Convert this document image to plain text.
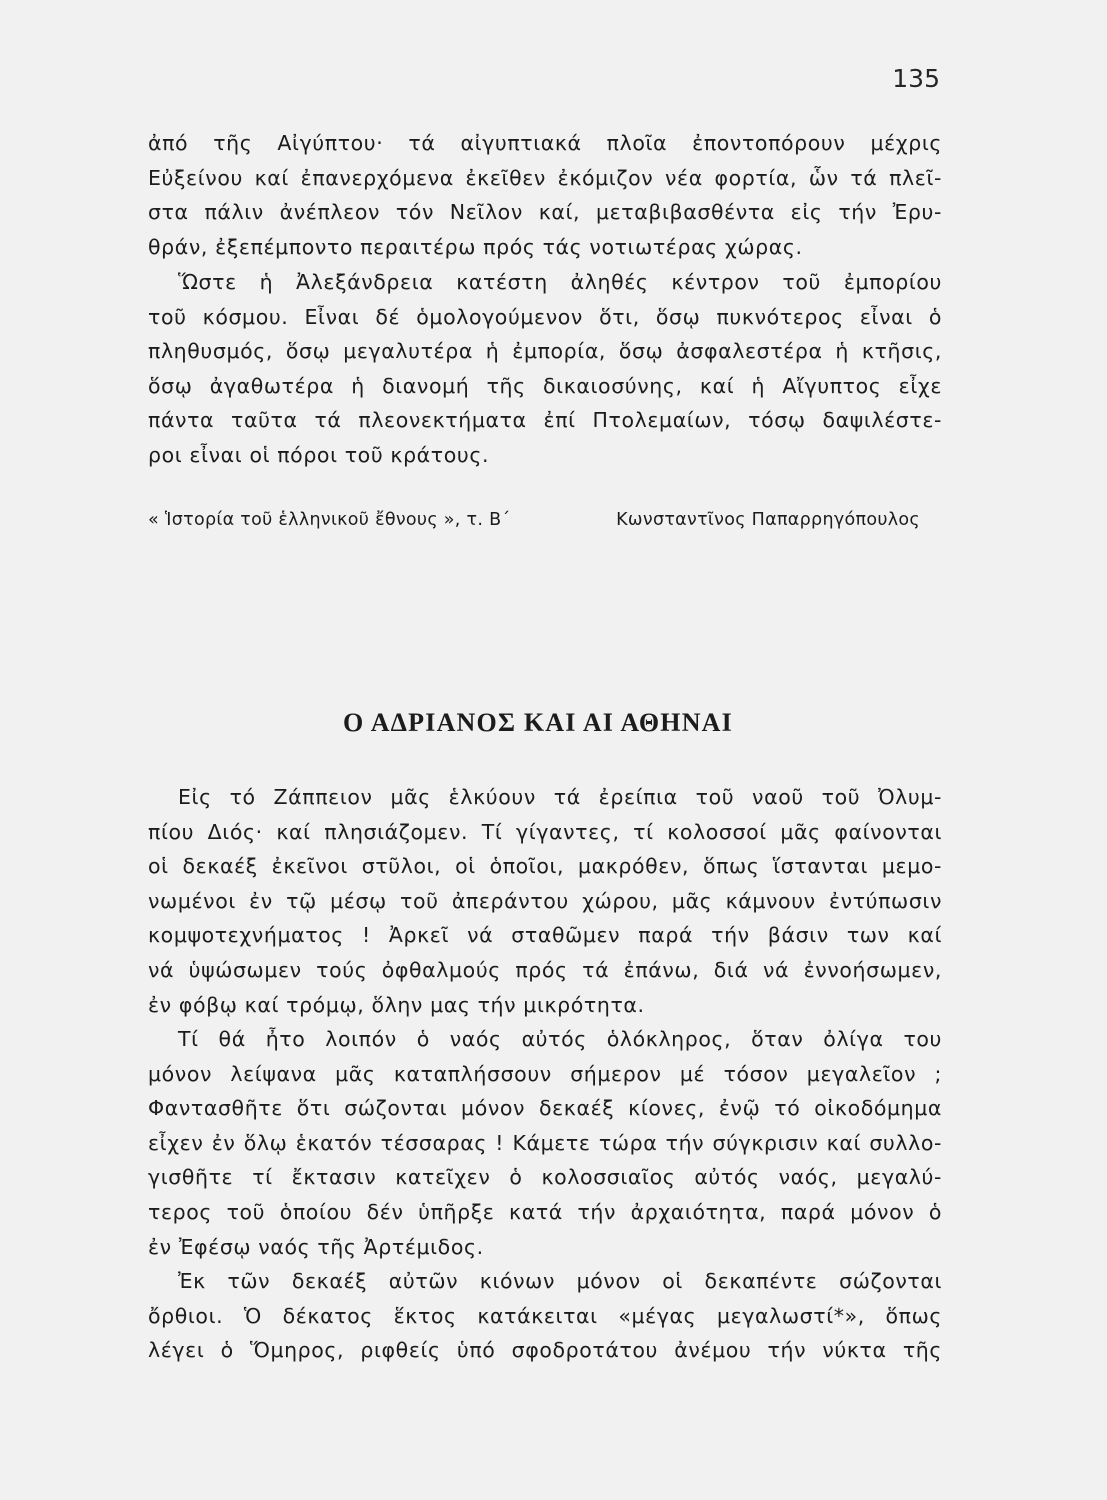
135
ἀπό τῆς Αἰγύπτου· τά αἰγυπτιακά πλοῖα ἐποντοπόρουν μέχρις
Εὐξείνου καί ἐπανερχόμενα ἐκεῖθεν ἐκόμιζον νέα φορτία, ὧν τά πλεῖ-
στα πάλιν ἀνέπλεον τόν Νεῖλον καί, μεταβιβασθέντα εἰς τήν Ἐρυ-
θράν, ἐξεπέμποντο περαιτέρω πρός τάς νοτιωτέρας χώρας.
Ὥστε ἡ Ἀλεξάνδρεια κατέστη ἀληθές κέντρον τοῦ ἐμπορίου
τοῦ κόσμου. Εἶναι δέ ὁμολογούμενον ὅτι, ὅσῳ πυκνότερος εἶναι ὁ
πληθυσμός, ὅσῳ μεγαλυτέρα ἡ ἐμπορία, ὅσῳ ἀσφαλεστέρα ἡ κτῆσις,
ὅσῳ ἀγαθωτέρα ἡ διανομή τῆς δικαιοσύνης, καί ἡ Αἴγυπτος εἶχε
πάντα ταῦτα τά πλεονεκτήματα ἐπί Πτολεμαίων, τόσῳ δαψιλέστε-
ροι εἶναι οἱ πόροι τοῦ κράτους.
« Ἱστορία τοῦ ἑλληνικοῦ ἔθνους », τ. Β΄	Κωνσταντῖνος Παπαρρηγόπουλος
Ο ΑΔΡΙΑΝΟΣ ΚΑΙ ΑΙ ΑΘΗΝΑΙ
Εἰς τό Ζάππειον μᾶς ἑλκύουν τά ἐρείπια τοῦ ναοῦ τοῦ Ὀλυμ-
πίου Διός· καί πλησιάζομεν. Τί γίγαντες, τί κολοσσοί μᾶς φαίνονται
οἱ δεκαέξ ἐκεῖνοι στῦλοι, οἱ ὁποῖοι, μακρόθεν, ὅπως ἵστανται μεμο-
νωμένοι ἐν τῷ μέσῳ τοῦ ἀπεράντου χώρου, μᾶς κάμνουν ἐντύπωσιν
κομψοτεχνήματος ! Ἀρκεῖ νά σταθῶμεν παρά τήν βάσιν των καί
νά ὑψώσωμεν τούς ὀφθαλμούς πρός τά ἐπάνω, διά νά ἐννοήσωμεν,
ἐν φόβῳ καί τρόμῳ, ὅλην μας τήν μικρότητα.
Τί θά ἦτο λοιπόν ὁ ναός αὐτός ὁλόκληρος, ὅταν ὀλίγα του
μόνον λείψανα μᾶς καταπλήσσουν σήμερον μέ τόσον μεγαλεῖον ;
Φαντασθῆτε ὅτι σώζονται μόνον δεκαέξ κίονες, ἐνῷ τό οἰκοδόμημα
εἶχεν ἐν ὅλῳ ἑκατόν τέσσαρας ! Κάμετε τώρα τήν σύγκρισιν καί συλλο-
γισθῆτε τί ἔκτασιν κατεῖχεν ὁ κολοσσιαῖος αὐτός ναός, μεγαλύ-
τερος τοῦ ὁποίου δέν ὑπῆρξε κατά τήν ἀρχαιότητα, παρά μόνον ὁ
ἐν Ἐφέσῳ ναός τῆς Ἀρτέμιδος.
Ἐκ τῶν δεκαέξ αὐτῶν κιόνων μόνον οἱ δεκαπέντε σώζονται
ὄρθιοι. Ὁ δέκατος ἕκτος κατάκειται «μέγας μεγαλωστί*», ὅπως
λέγει ὁ Ὅμηρος, ριφθείς ὑπό σφοδροτάτου ἀνέμου τήν νύκτα τῆς
